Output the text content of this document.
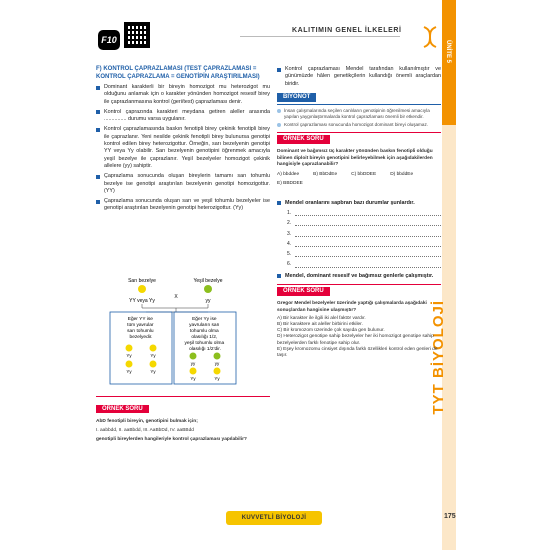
ÜNİTE 5
TYT BİYOLOJİ
175
F10
KALITIMIN GENEL İLKELERİ
F) KONTROL ÇAPRAZLAMASI (TEST ÇAPRAZLAMASI = KONTROL ÇAPRAZLAMA = GENOTİPİN ARAŞTIRILMASI)
Dominant karakterli bir bireyin homozigot mu heterozigot mu olduğunu anlamak için o karakter yönünden homozigot resesif birey ile çaprazlanmasına kontrol (geri/test) çaprazlaması denir.
Kontrol çaprazında karakteri meydana getiren aleller arasında ............... durumu varsa uygulanır.
Kontrol çaprazlamasında baskın fenotipli birey çekinik fenotipli birey ile çaprazlanır. Yeni nesilde çekinik fenotipli birey bulunursa genotipi kontrol edilen birey heterozigottur. Örneğin, sarı bezelyenin genotipi YY veya Yy olabilir. Sarı bezelyenin genotipini öğrenmek amacıyla yeşil bezelye ile çaprazlanır. Yeşil bezelyeler homozigot çekinik allelere (yy) sahiptir.
Çaprazlama sonucunda oluşan bireylerin tamamı sarı tohumlu bezelye ise genotipi araştırılan bezelyenin genotipi homozigottur. (YY)
Çaprazlama sonucunda oluşan sarı ve yeşil tohumlu bezelyeler ise genotipi araştırılan bezelyenin genotipi heterozigottur. (Yy)
Sarı bezelye	Yeşil bezelye
YY veya Yy
X
yy
Eğer YY ise tüm yavrular sarı tohumlu bezelyedir.
Eğer Yy ise yavruların sarı tohumlu olma olasılığı 1/2, yeşil tohumlu olma olasılığı 1/2'dir.
Yy	Yy
Yy	Yy
yy	yy
Yy	Yy
ÖRNEK SORU
AbD fenotipli bireyin, genotipini bulmak için;
I. aabbdd, II. aaBbdd, III. AaBbDd, IV. aaBBdd
genotipli bireylerden hangileriyle kontrol çaprazlaması yapılabilir?
Kontrol çaprazlaması Mendel tarafından kullanılmıştır ve günümüzde hâlen genetikçilerin kullandığı önemli araçlardan biridir.
BİYONOT
İnsan çalışmalarında seçilen canlıların genotipinin öğrenilmesi amacıyla yapılan yaygınlaştırmalarda kontrol çaprazlaması önemli bir etkendir.
Kontrol çaprazlaması sonucunda homozigot dominant bireyi oluşamaz.
ÖRNEK SORU
Dominant ve bağımsız üç karakter yönünden baskın fenotipli olduğu bilinen diploit bireyin genotipini belirleyebilmek için aşağıdakilerden hangisiyle çaprazlanabilir?
A) bbddee	B) BbDdEe	C) bbDDEE	D) bbddEe
E) BBDDEE
Mendel oranlarını sapbran bazı durumlar şunlardır.
1.
2.
3.
4.
5.
6.
Mendel, dominant resesif ve bağımsız genlerle çalışmıştır.
ÖRNEK SORU
Gregor Mendel bezelyeler üzerinde yaptığı çalışmalarda aşağıdaki sonuçlardan hangisine ulaşmıştır?
A) Bir karakter ile ilgili iki alel faktör vardır.
B) Bir karaktere ait aleller birbirini etkiler.
C) Bir kromozom üzerinde çok sayıda gen bulunur.
D) Heterozigot genotipe sahip bezelyeler her iki homozigot genotipe sahip bezelyelerden farklı fenotipe sahip olur.
E) Eşey kromozomu cinsiyet dışında farklı özellikleri kontrol eden genleri de taşır.
KUVVETLİ BİYOLOJİ
